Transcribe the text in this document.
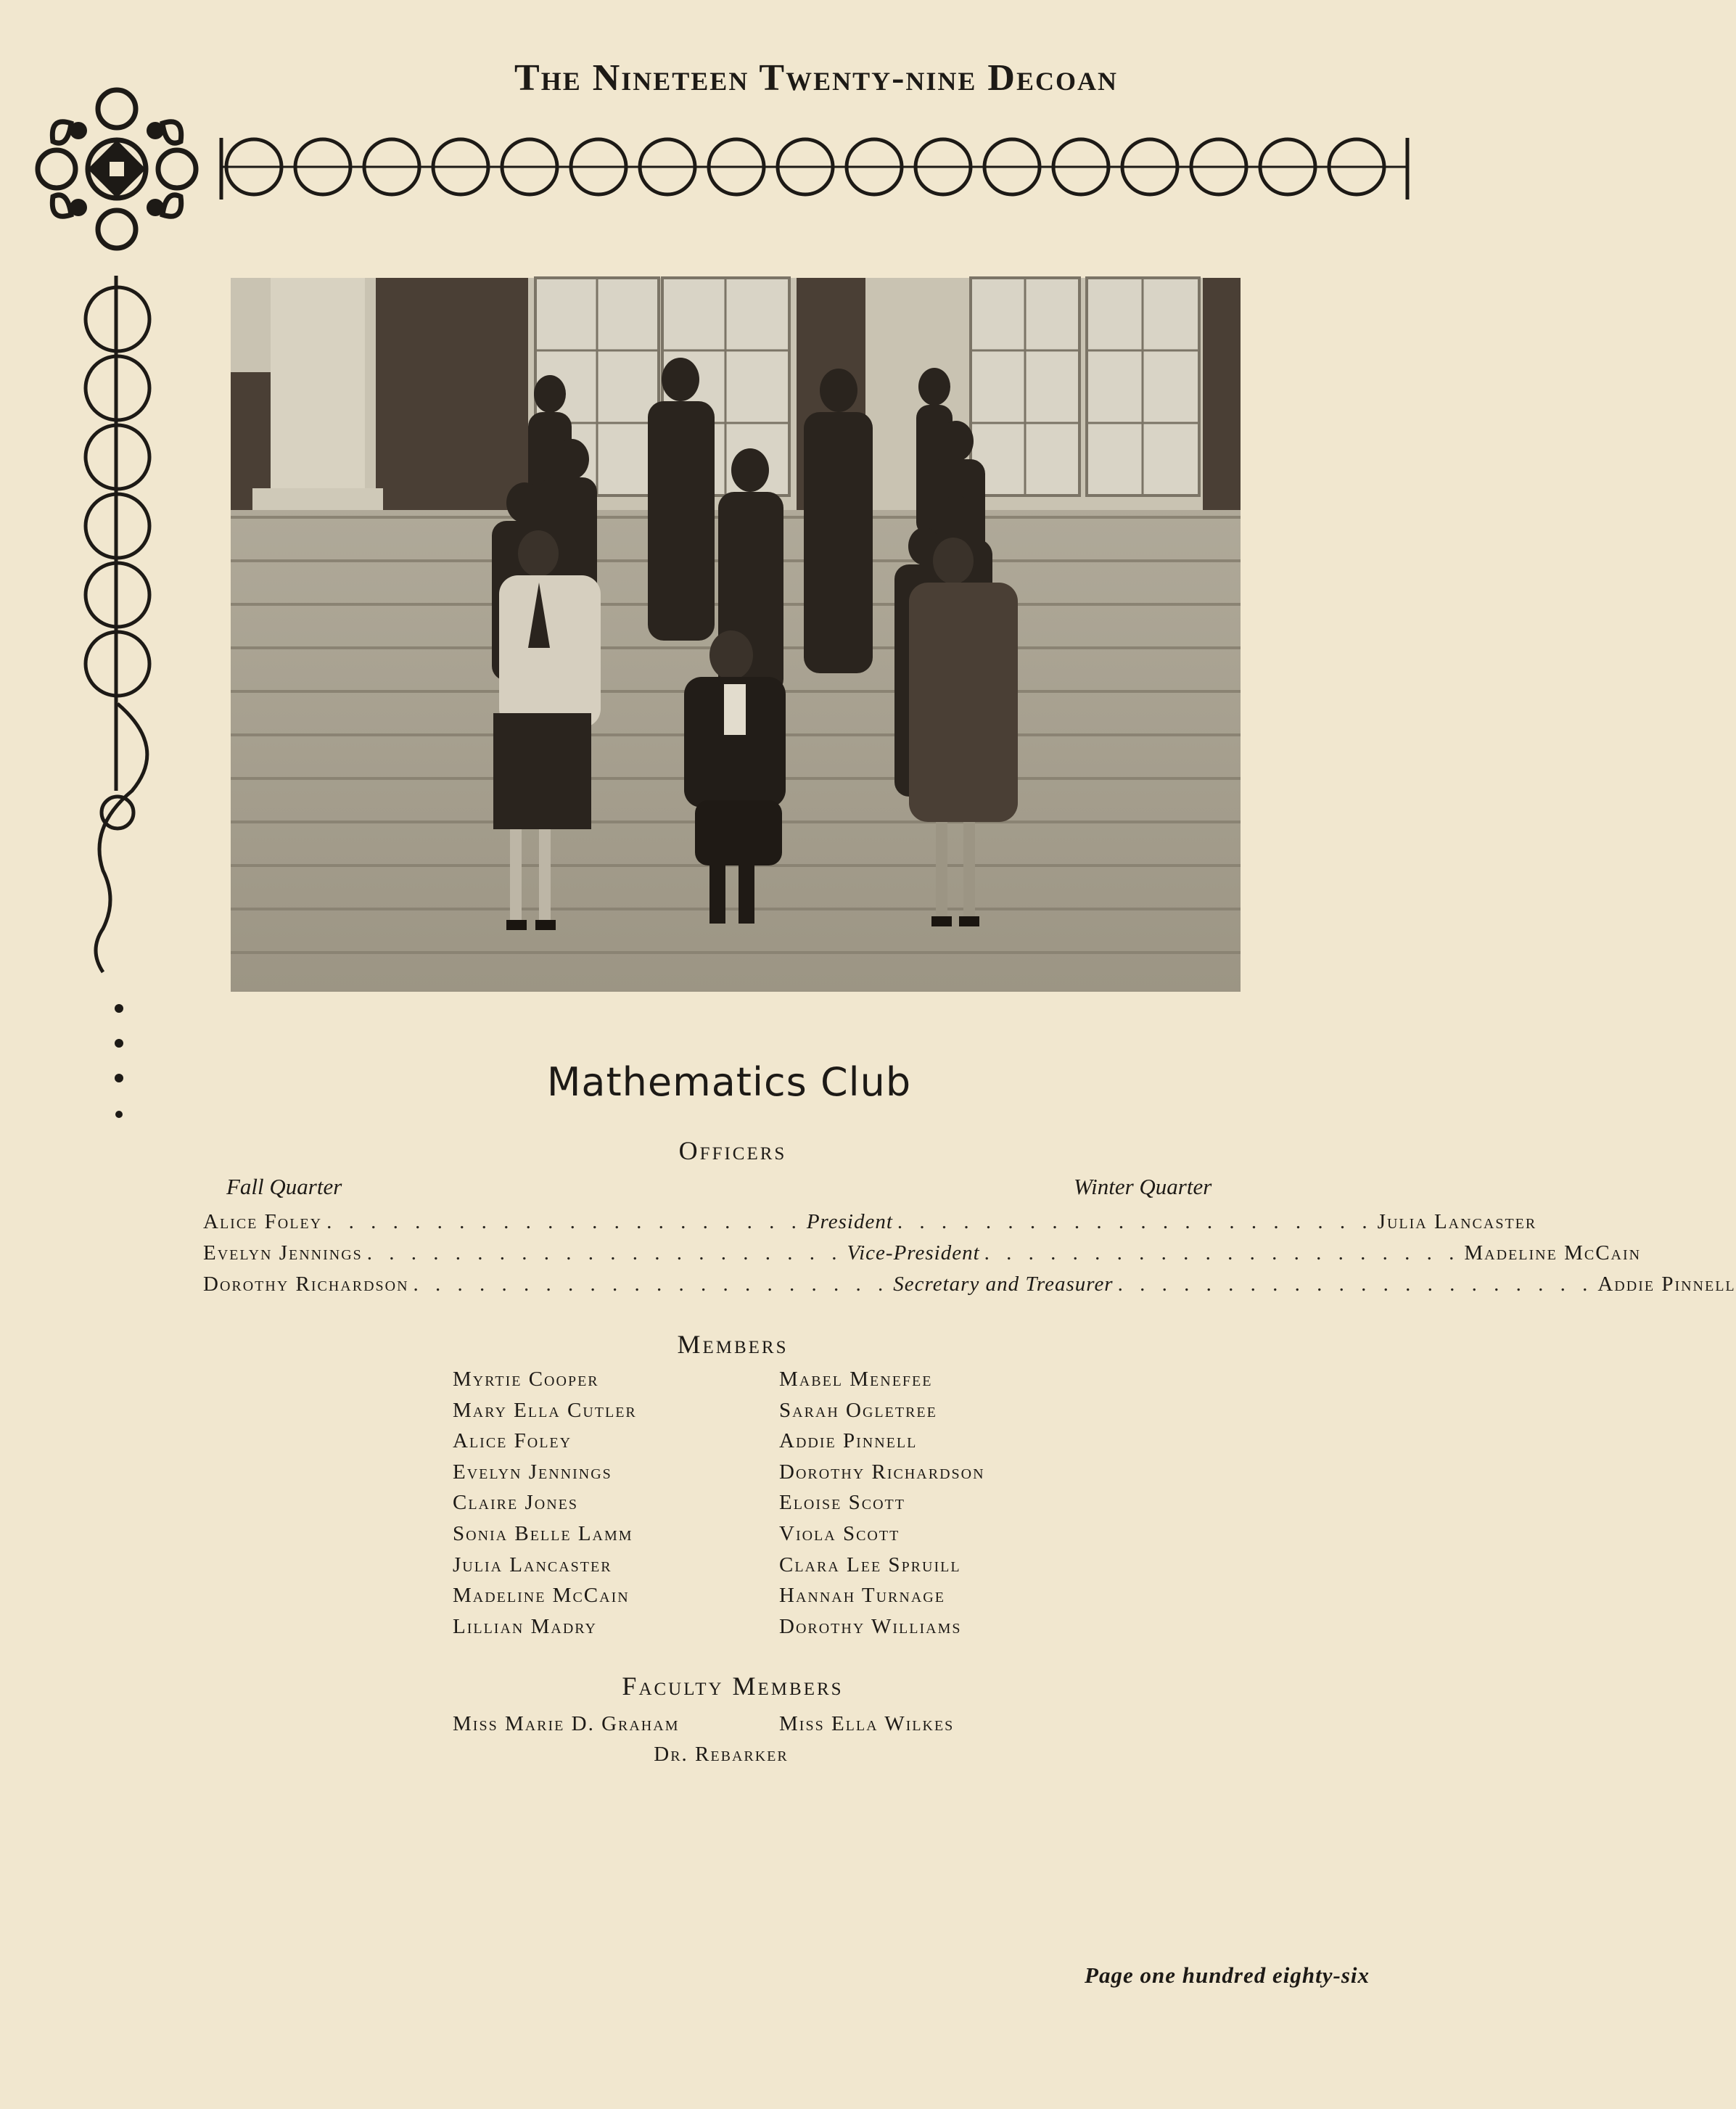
The Nineteen Twenty-nine Decoan
Mathematics Club
Officers
Fall Quarter	Winter Quarter
Alice Foley . . . . . . . . . . . . . . . . . . . . . . President . . . . . . . . . . . . . . . . . . . . . . Julia Lancaster
Evelyn Jennings . . . . . . . . . . . . . . . . . . . . . . Vice-President . . . . . . . . . . . . . . . . . . . . . . Madeline McCain
Dorothy Richardson . . . . . . . . . . . . . . . . . . . . . . Secretary and Treasurer . . . . . . . . . . . . . . . . . . . . . . Addie Pinnell
Members
Myrtie Cooper
Mary Ella Cutler
Alice Foley
Evelyn Jennings
Claire Jones
Sonia Belle Lamm
Julia Lancaster
Madeline McCain
Lillian Madry
Mabel Menefee
Sarah Ogletree
Addie Pinnell
Dorothy Richardson
Eloise Scott
Viola Scott
Clara Lee Spruill
Hannah Turnage
Dorothy Williams
Faculty Members
Miss Marie D. Graham	Miss Ella Wilkes
Dr. Rebarker
Page one hundred eighty-six
